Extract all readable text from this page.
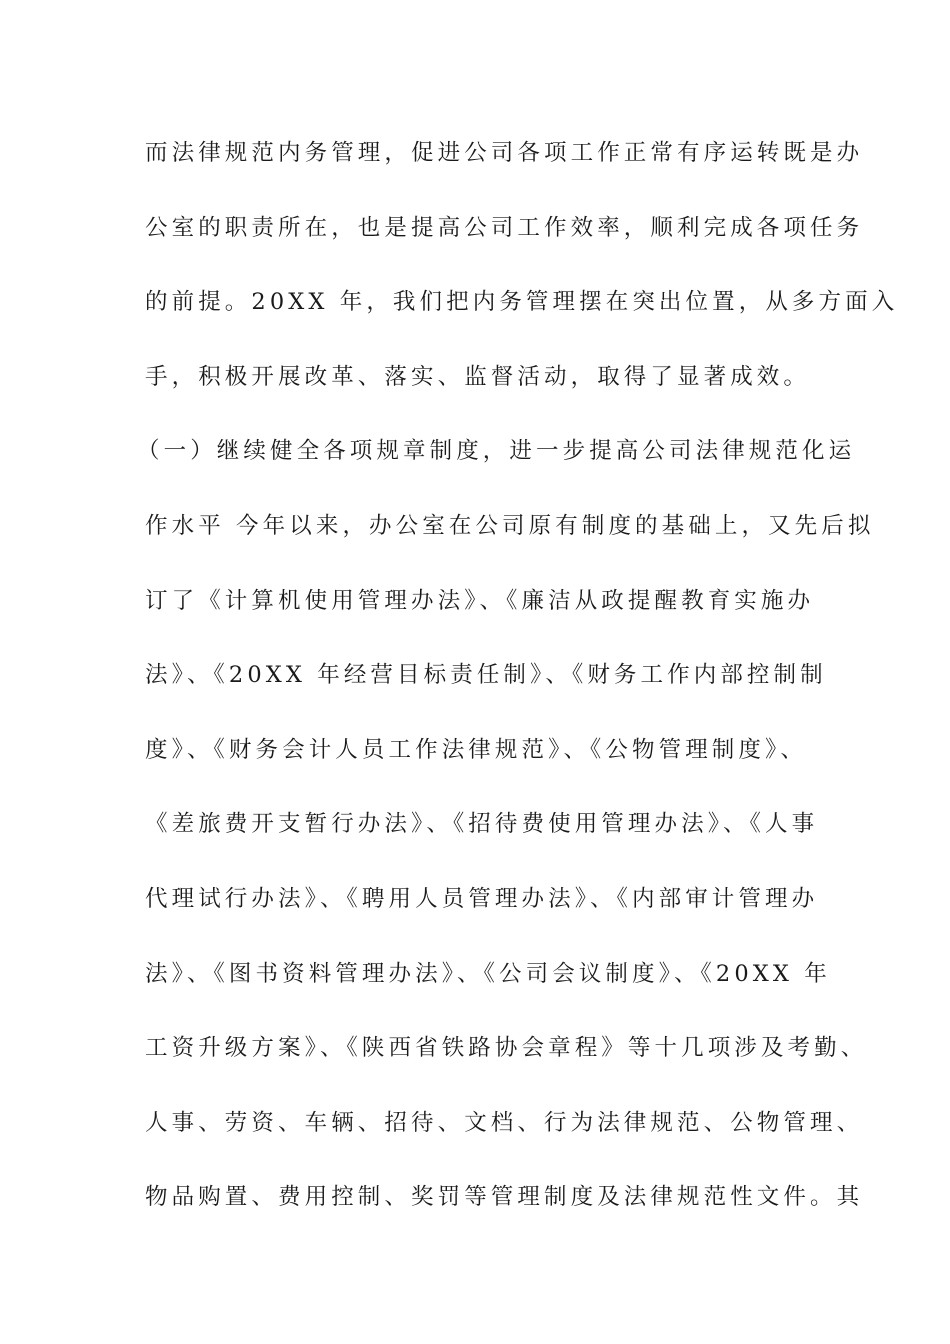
而法律规范内务管理，促进公司各项工作正常有序运转既是办
公室的职责所在，也是提高公司工作效率，顺利完成各项任务
的前提。20XX 年，我们把内务管理摆在突出位置，从多方面入
手，积极开展改革、落实、监督活动，取得了显著成效。
（一）继续健全各项规章制度，进一步提高公司法律规范化运
作水平 今年以来，办公室在公司原有制度的基础上，又先后拟
订了《计算机使用管理办法》、《廉洁从政提醒教育实施办
法》、《20XX 年经营目标责任制》、《财务工作内部控制制
度》、《财务会计人员工作法律规范》、《公物管理制度》、
《差旅费开支暂行办法》、《招待费使用管理办法》、《人事
代理试行办法》、《聘用人员管理办法》、《内部审计管理办
法》、《图书资料管理办法》、《公司会议制度》、《20XX 年
工资升级方案》、《陕西省铁路协会章程》等十几项涉及考勤、
人事、劳资、车辆、招待、文档、行为法律规范、公物管理、
物品购置、费用控制、奖罚等管理制度及法律规范性文件。其
